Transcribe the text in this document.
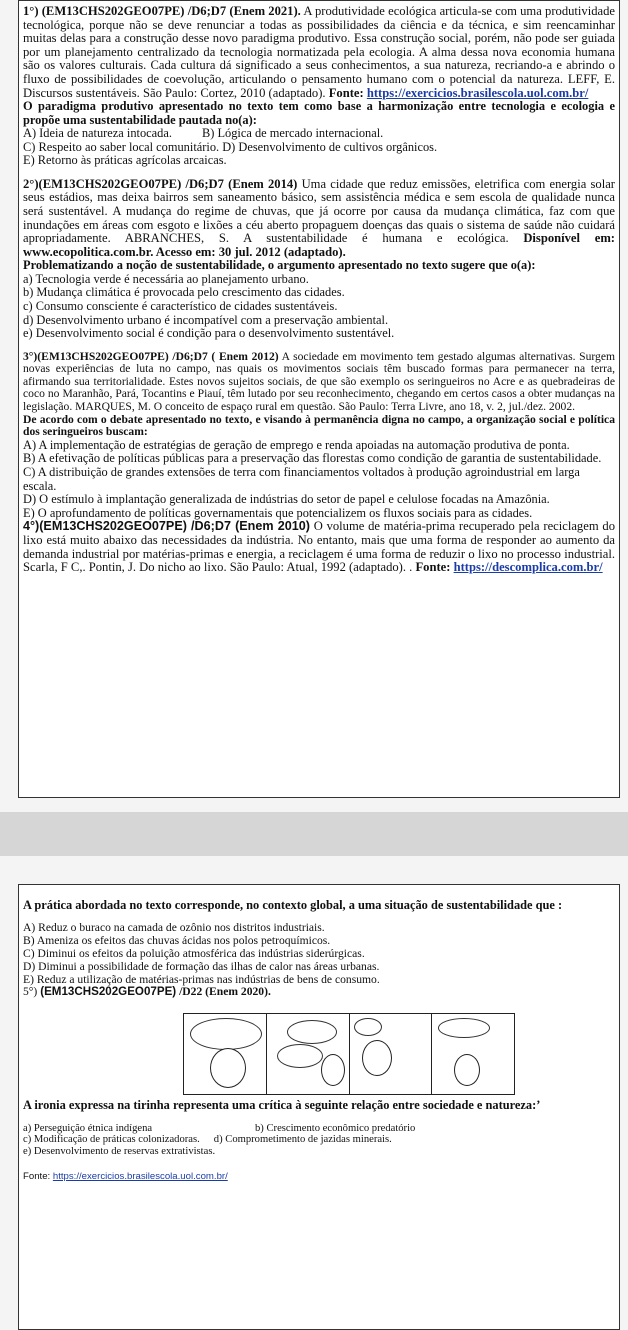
1°) (EM13CHS202GEO07PE) /D6;D7 (Enem 2021). A produtividade ecológica articula-se com uma produtividade tecnológica, porque não se deve renunciar a todas as possibilidades da ciência e da técnica, e sim reencaminhar muitas delas para a construção desse novo paradigma produtivo. Essa construção social, porém, não pode ser guiada por um planejamento centralizado da tecnologia normatizada pela ecologia. A alma dessa nova economia humana são os valores culturais. Cada cultura dá significado a seus conhecimentos, a sua natureza, recriando-a e abrindo o fluxo de possibilidades de coevolução, articulando o pensamento humano com o potencial da natureza. LEFF, E. Discursos sustentáveis. São Paulo: Cortez, 2010 (adaptado). Fonte: https://exercicios.brasilescola.uol.com.br/

O paradigma produtivo apresentado no texto tem como base a harmonização entre tecnologia e ecologia e propõe uma sustentabilidade pautada no(a):

A) Ideia de natureza intocada. B) Lógica de mercado internacional.

C) Respeito ao saber local comunitário. D) Desenvolvimento de cultivos orgânicos.

E) Retorno às práticas agrícolas arcaicas.

2°)(EM13CHS202GEO07PE) /D6;D7 (Enem 2014) Uma cidade que reduz emissões, eletrifica com energia solar seus estádios, mas deixa bairros sem saneamento básico, sem assistência médica e sem escola de qualidade nunca será sustentável. A mudança do regime de chuvas, que já ocorre por causa da mudança climática, faz com que inundações em áreas com esgoto e lixões a céu aberto propaguem doenças das quais o sistema de saúde não cuidará apropriadamente. ABRANCHES, S. A sustentabilidade é humana e ecológica. Disponível em: www.ecopolitica.com.br. Acesso em: 30 jul. 2012 (adaptado).

Problematizando a noção de sustentabilidade, o argumento apresentado no texto sugere que o(a):

a) Tecnologia verde é necessária ao planejamento urbano.

b) Mudança climática é provocada pelo crescimento das cidades.

c) Consumo consciente é característico de cidades sustentáveis.

d) Desenvolvimento urbano é incompatível com a preservação ambiental.

e) Desenvolvimento social é condição para o desenvolvimento sustentável.

3°)(EM13CHS202GEO07PE) /D6;D7 ( Enem 2012) A sociedade em movimento tem gestado algumas alternativas. Surgem novas experiências de luta no campo, nas quais os movimentos sociais têm buscado formas para permanecer na terra, afirmando sua territorialidade. Estes novos sujeitos sociais, de que são exemplo os seringueiros no Acre e as quebradeiras de coco no Maranhão, Pará, Tocantins e Piauí, têm lutado por seu reconhecimento, chegando em certos casos a obter mudanças na legislação. MARQUES, M. O conceito de espaço rural em questão. São Paulo: Terra Livre, ano 18, v. 2, jul./dez. 2002.

De acordo com o debate apresentado no texto, e visando à permanência digna no campo, a organização social e política dos seringueiros buscam:

A) A implementação de estratégias de geração de emprego e renda apoiadas na automação produtiva de ponta.

B) A efetivação de políticas públicas para a preservação das florestas como condição de garantia de sustentabilidade.

C) A distribuição de grandes extensões de terra com financiamentos voltados à produção agroindustrial em larga escala.

D) O estímulo à implantação generalizada de indústrias do setor de papel e celulose focadas na Amazônia.

E) O aprofundamento de políticas governamentais que potencializem os fluxos sociais para as cidades.

4°)(EM13CHS202GEO07PE) /D6;D7 (Enem 2010) O volume de matéria-prima recuperado pela reciclagem do lixo está muito abaixo das necessidades da indústria. No entanto, mais que uma forma de responder ao aumento da demanda industrial por matérias-primas e energia, a reciclagem é uma forma de reduzir o lixo no processo industrial. Scarla, F C,. Pontin, J. Do nicho ao lixo. São Paulo: Atual, 1992 (adaptado). . Fonte: https://descomplica.com.br/

A prática abordada no texto corresponde, no contexto global, a uma situação de sustentabilidade que :

A) Reduz o buraco na camada de ozônio nos distritos industriais.

B) Ameniza os efeitos das chuvas ácidas nos polos petroquímicos.

C) Diminui os efeitos da poluição atmosférica das indústrias siderúrgicas.

D) Diminui a possibilidade de formação das ilhas de calor nas áreas urbanas.

E) Reduz a utilização de matérias-primas nas indústrias de bens de consumo.

5°) (EM13CHS202GEO07PE) /D22 (Enem 2020).

A ironia expressa na tirinha representa uma crítica à seguinte relação entre sociedade e natureza:’

a) Perseguição étnica indígena	b) Crescimento econômico predatório
c) Modificação de práticas colonizadoras. d) Comprometimento de jazidas minerais.

e) Desenvolvimento de reservas extrativistas.

Fonte: https://exercicios.brasilescola.uol.com.br/
